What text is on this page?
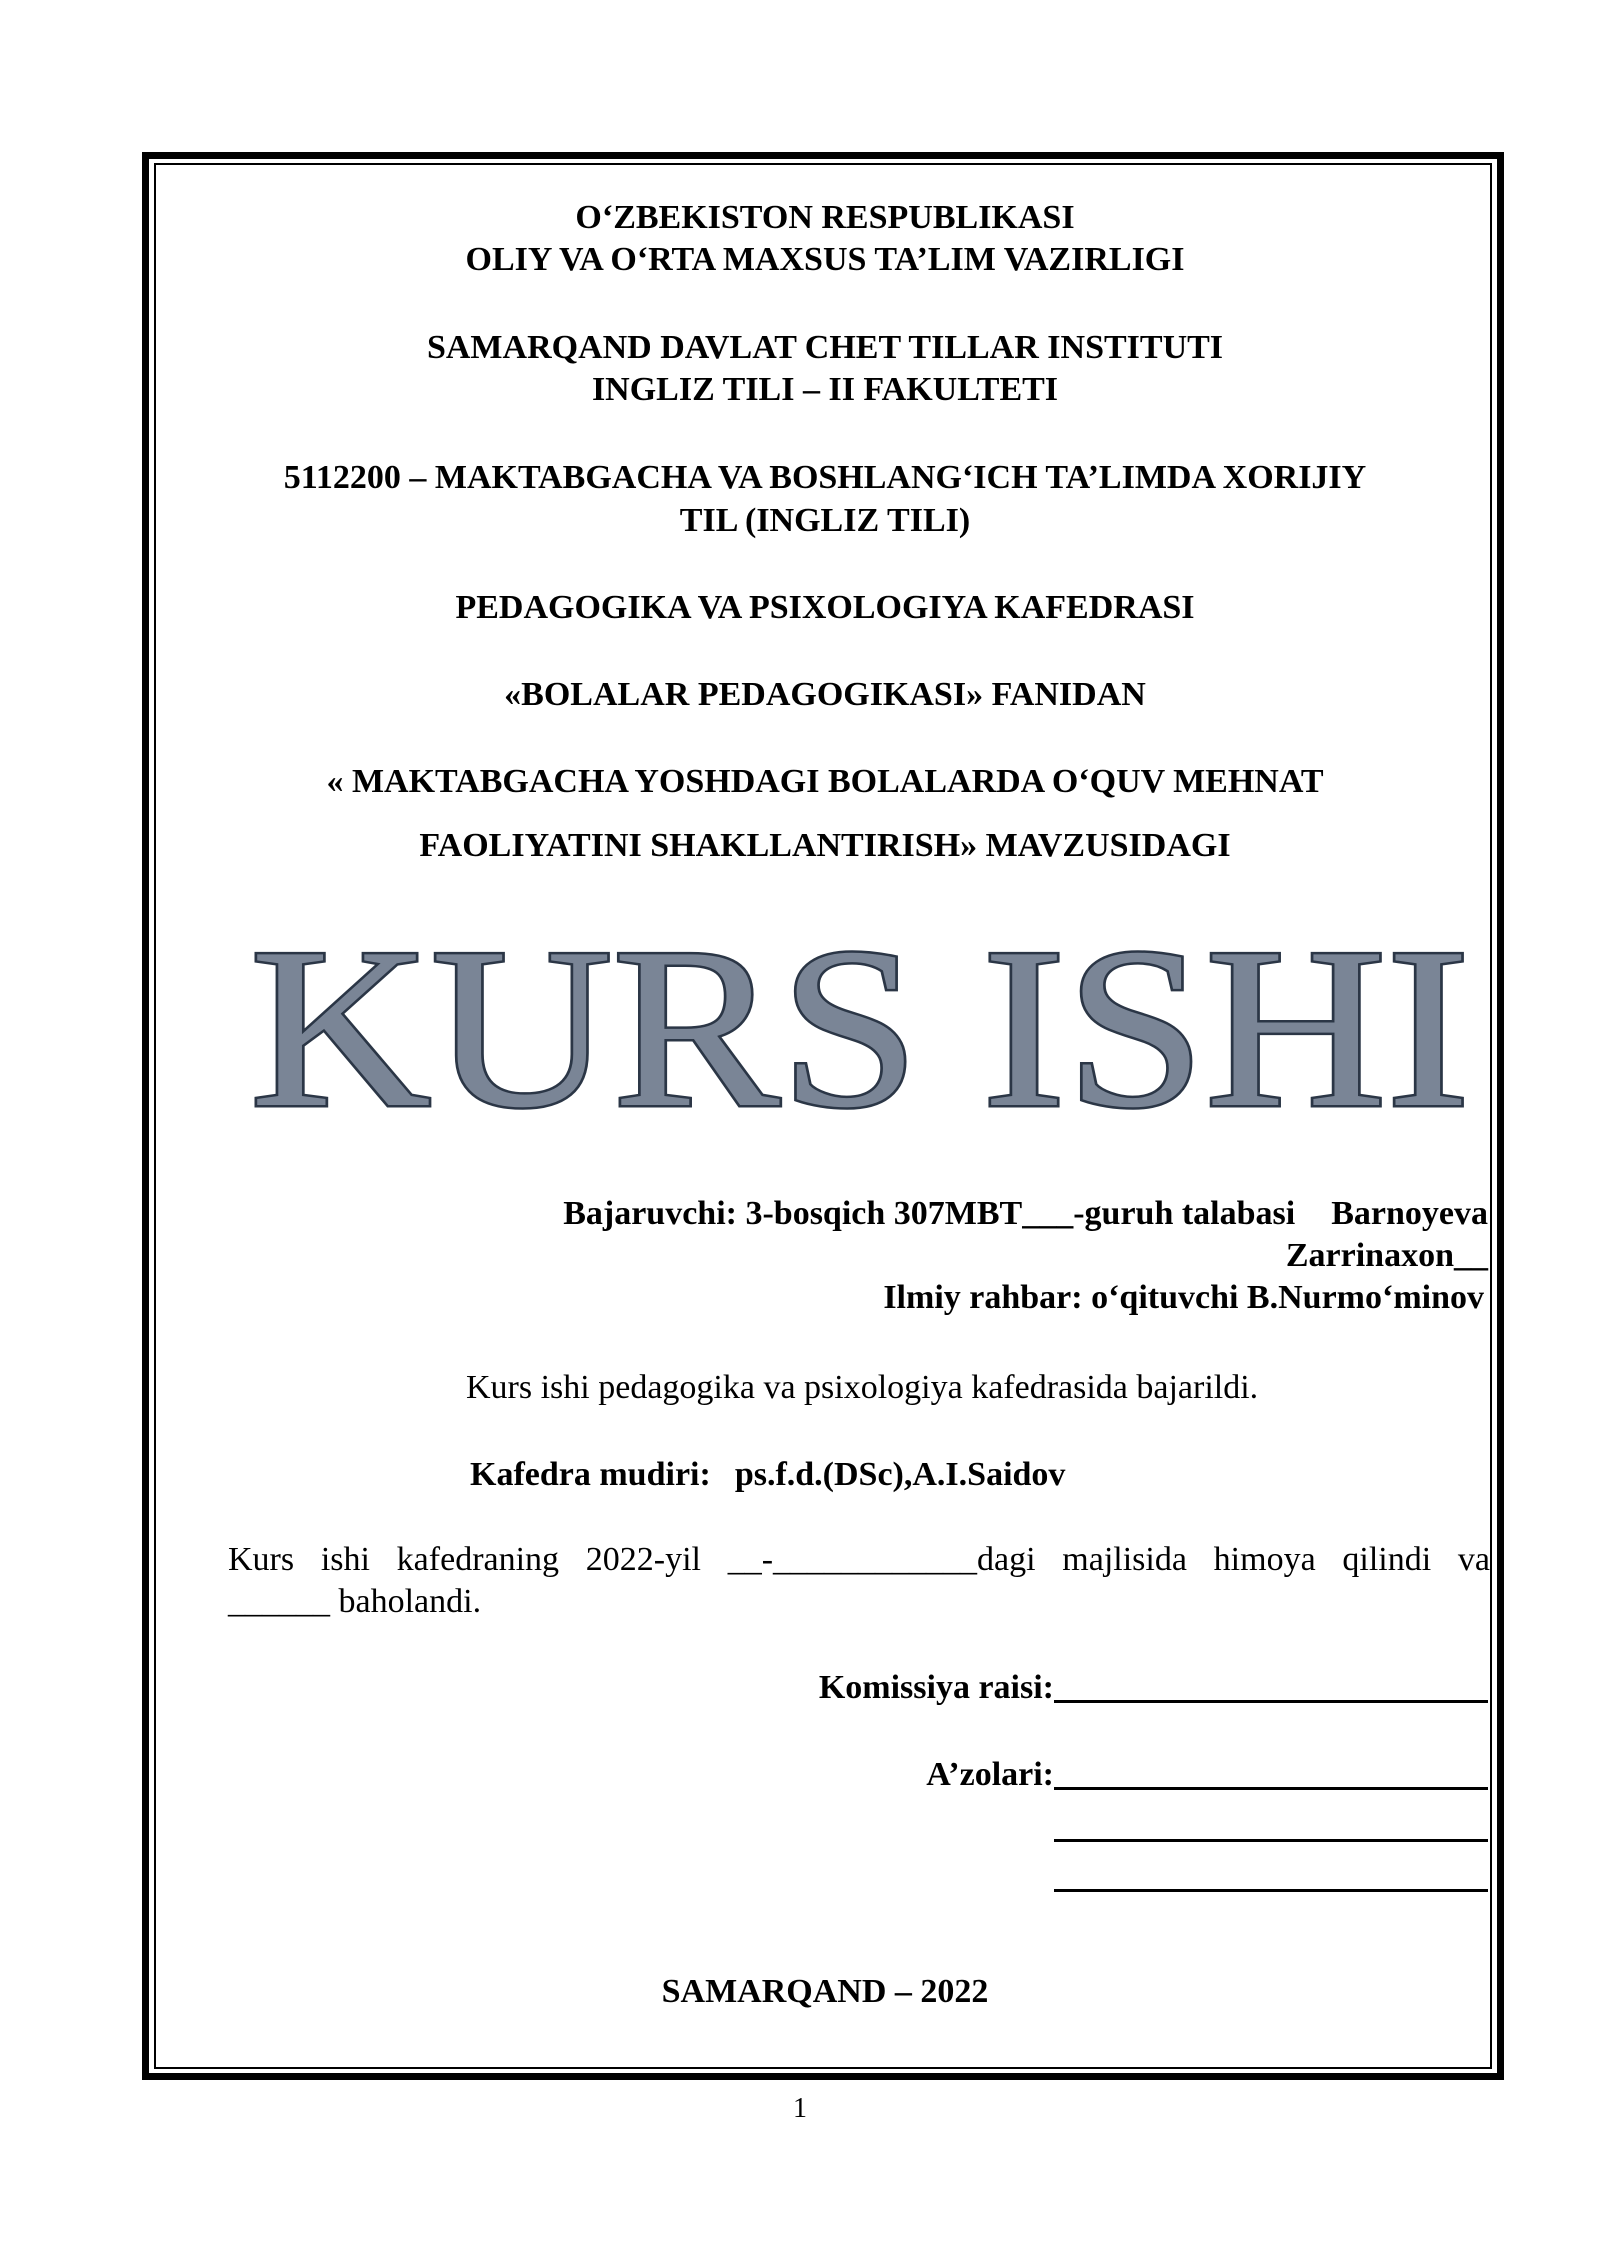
O‘ZBEKISTON RESPUBLIKASI
OLIY VA O‘RTA MAXSUS TA’LIM VAZIRLIGI
SAMARQAND DAVLAT CHET TILLAR INSTITUTI
INGLIZ TILI – II FAKULTETI
5112200 – MAKTABGACHA VA BOSHLANG‘ICH TA’LIMDA XORIJIY
TIL (INGLIZ TILI)
PEDAGOGIKA VA PSIXOLOGIYA KAFEDRASI
«BOLALAR PEDAGOGIKASI» FANIDAN
« MAKTABGACHA YOSHDAGI BOLALARDA O‘QUV MEHNAT
FAOLIYATINI SHAKLLANTIRISH» MAVZUSIDAGI
KURS ISHI
Bajaruvchi: 3-bosqich 307MBT___-guruh talabasi Barnoyeva
Zarrinaxon__
Ilmiy rahbar: o‘qituvchi B.Nurmo‘minov
Kurs ishi pedagogika va psixologiya kafedrasida bajarildi.
Kafedra mudiri: ps.f.d.(DSc),A.I.Saidov
Kurs ishi kafedraning 2022-yil __-____________dagi majlisida himoya qilindi va
______ baholandi.
Komissiya raisi:
A’zolari:
SAMARQAND – 2022
1
